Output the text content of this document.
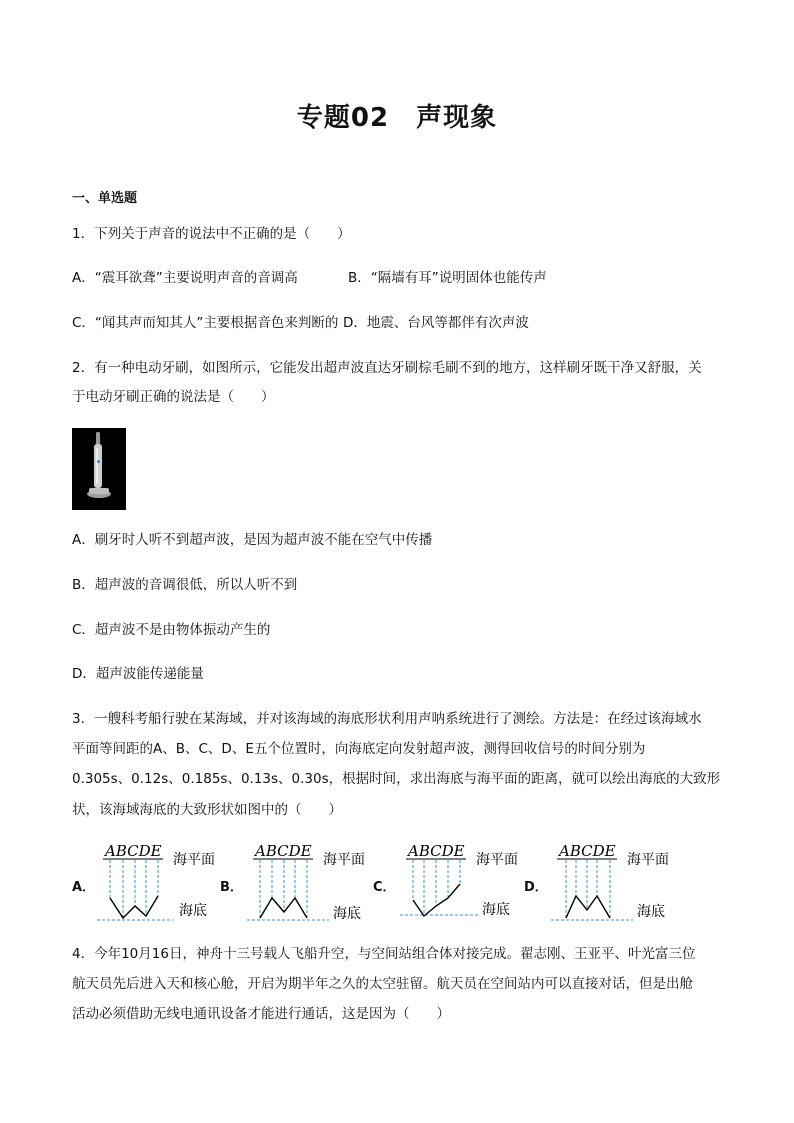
专题02　声现象
一、单选题
1．下列关于声音的说法中不正确的是（　　）
A．“震耳欲聋”主要说明声音的音调高	B．“隔墙有耳”说明固体也能传声
C．“闻其声而知其人”主要根据音色来判断的 D．地震、台风等都伴有次声波
2．有一种电动牙刷，如图所示，它能发出超声波直达牙刷棕毛刷不到的地方，这样刷牙既干净又舒服，关
于电动牙刷正确的说法是（　　）
A．刷牙时人听不到超声波，是因为超声波不能在空气中传播
B．超声波的音调很低，所以人听不到
C．超声波不是由物体振动产生的
D．超声波能传递能量
3．一艘科考船行驶在某海域，并对该海域的海底形状利用声呐系统进行了测绘。方法是：在经过该海域水
平面等间距的A、B、C、D、E五个位置时，向海底定向发射超声波，测得回收信号的时间分别为
0.305s、0.12s、0.185s、0.13s、0.30s，根据时间，求出海底与海平面的距离，就可以绘出海底的大致形
状，该海域海底的大致形状如图中的（　　）
A．	B．	C．	D．
ABCDE 海平面
海底
ABCDE 海平面
海底
ABCDE 海平面
海底
ABCDE 海平面
海底
4．今年10月16日，神舟十三号载人飞船升空，与空间站组合体对接完成。翟志刚、王亚平、叶光富三位
航天员先后进入天和核心舱，开启为期半年之久的太空驻留。航天员在空间站内可以直接对话，但是出舱
活动必须借助无线电通讯设备才能进行通话，这是因为（　　）
